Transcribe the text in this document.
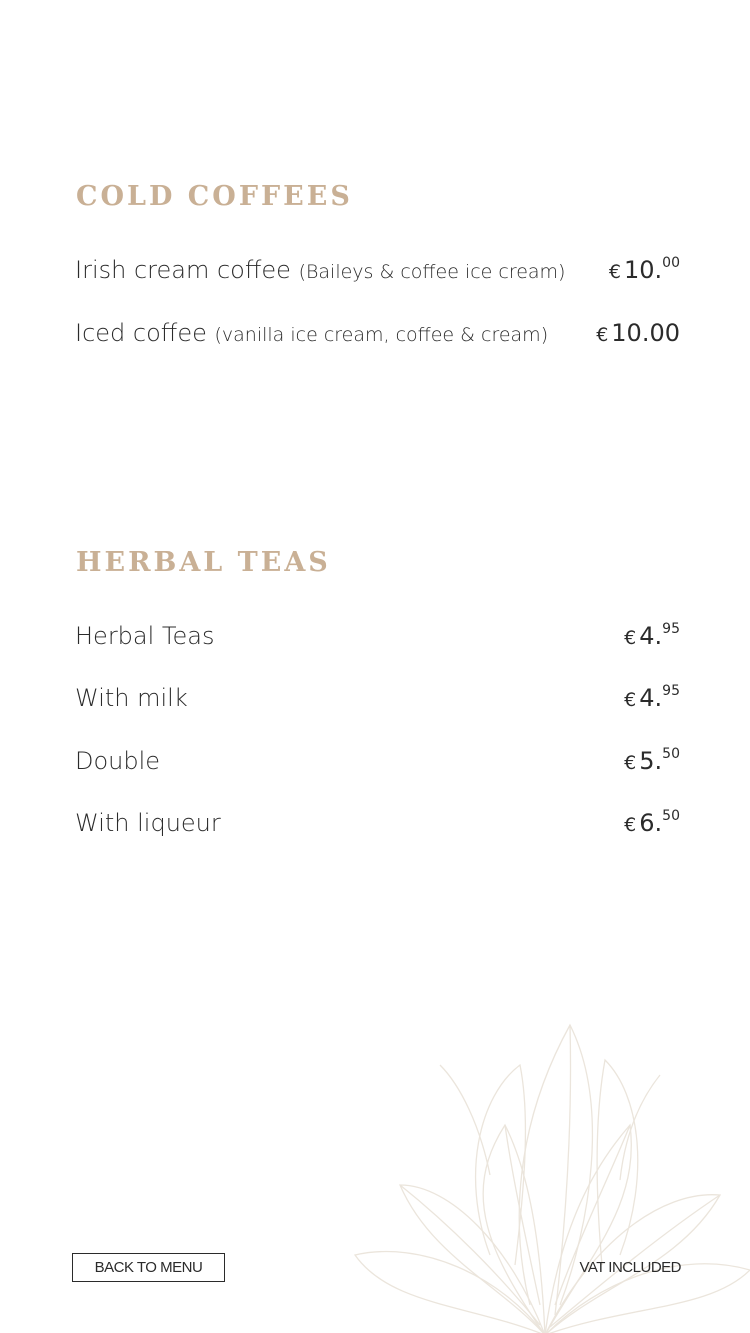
COLD COFFEES
Irish cream coffee (Baileys & coffee ice cream) € 10.00
Iced coffee (vanilla ice cream, coffee & cream)	€ 10.00
HERBAL TEAS
Herbal Teas	€ 4.95
With milk	€ 4.95
Double	€ 5.50
With liqueur	€ 6.50
BACK TO MENU	VAT INCLUDED
